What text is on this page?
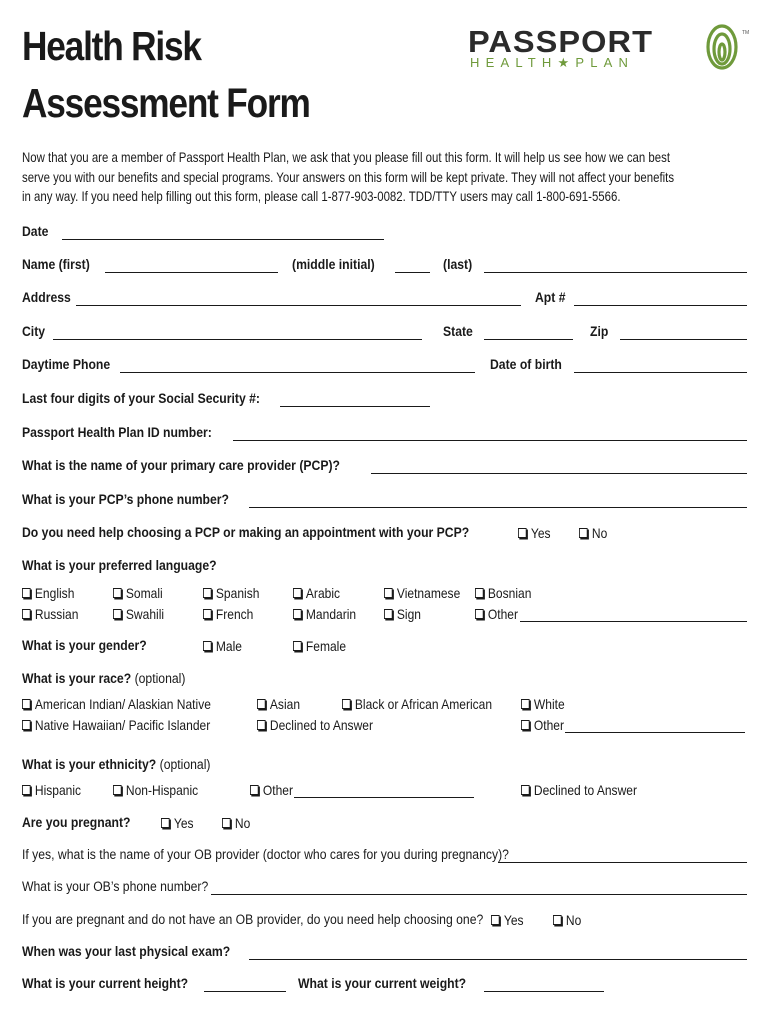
Health Risk
Assessment Form
PASSPORT
HEALTH★PLAN
TM
Now that you are a member of Passport Health Plan, we ask that you please fill out this form. It will help us see how we can best serve you with our benefits and special programs. Your answers on this form will be kept private. They will not affect your benefits in any way. If you need help filling out this form, please call 1-877-903-0082. TDD/TTY users may call 1-800-691-5566.
Date
Name (first)	(middle initial)	(last)
Address	Apt #
City	State	Zip
Daytime Phone	Date of birth
Last four digits of your Social Security #:
Passport Health Plan ID number:
What is the name of your primary care provider (PCP)?
What is your PCP’s phone number?
Do you need help choosing a PCP or making an appointment with your PCP?	Yes	No
What is your preferred language?
English	Somali	Spanish	Arabic	Vietnamese	Bosnian
Russian	Swahili	French	Mandarin	Sign	Other
What is your gender?	Male	Female
What is your race? (optional)
American Indian/ Alaskian Native	Asian	Black or African American	White
Native Hawaiian/ Pacific Islander	Declined to Answer	Other
What is your ethnicity? (optional)
Hispanic	Non-Hispanic	Other	Declined to Answer
Are you pregnant?	Yes	No
If yes, what is the name of your OB provider (doctor who cares for you during pregnancy)?
What is your OB’s phone number?
If you are pregnant and do not have an OB provider, do you need help choosing one?	Yes	No
When was your last physical exam?
What is your current height?	What is your current weight?
